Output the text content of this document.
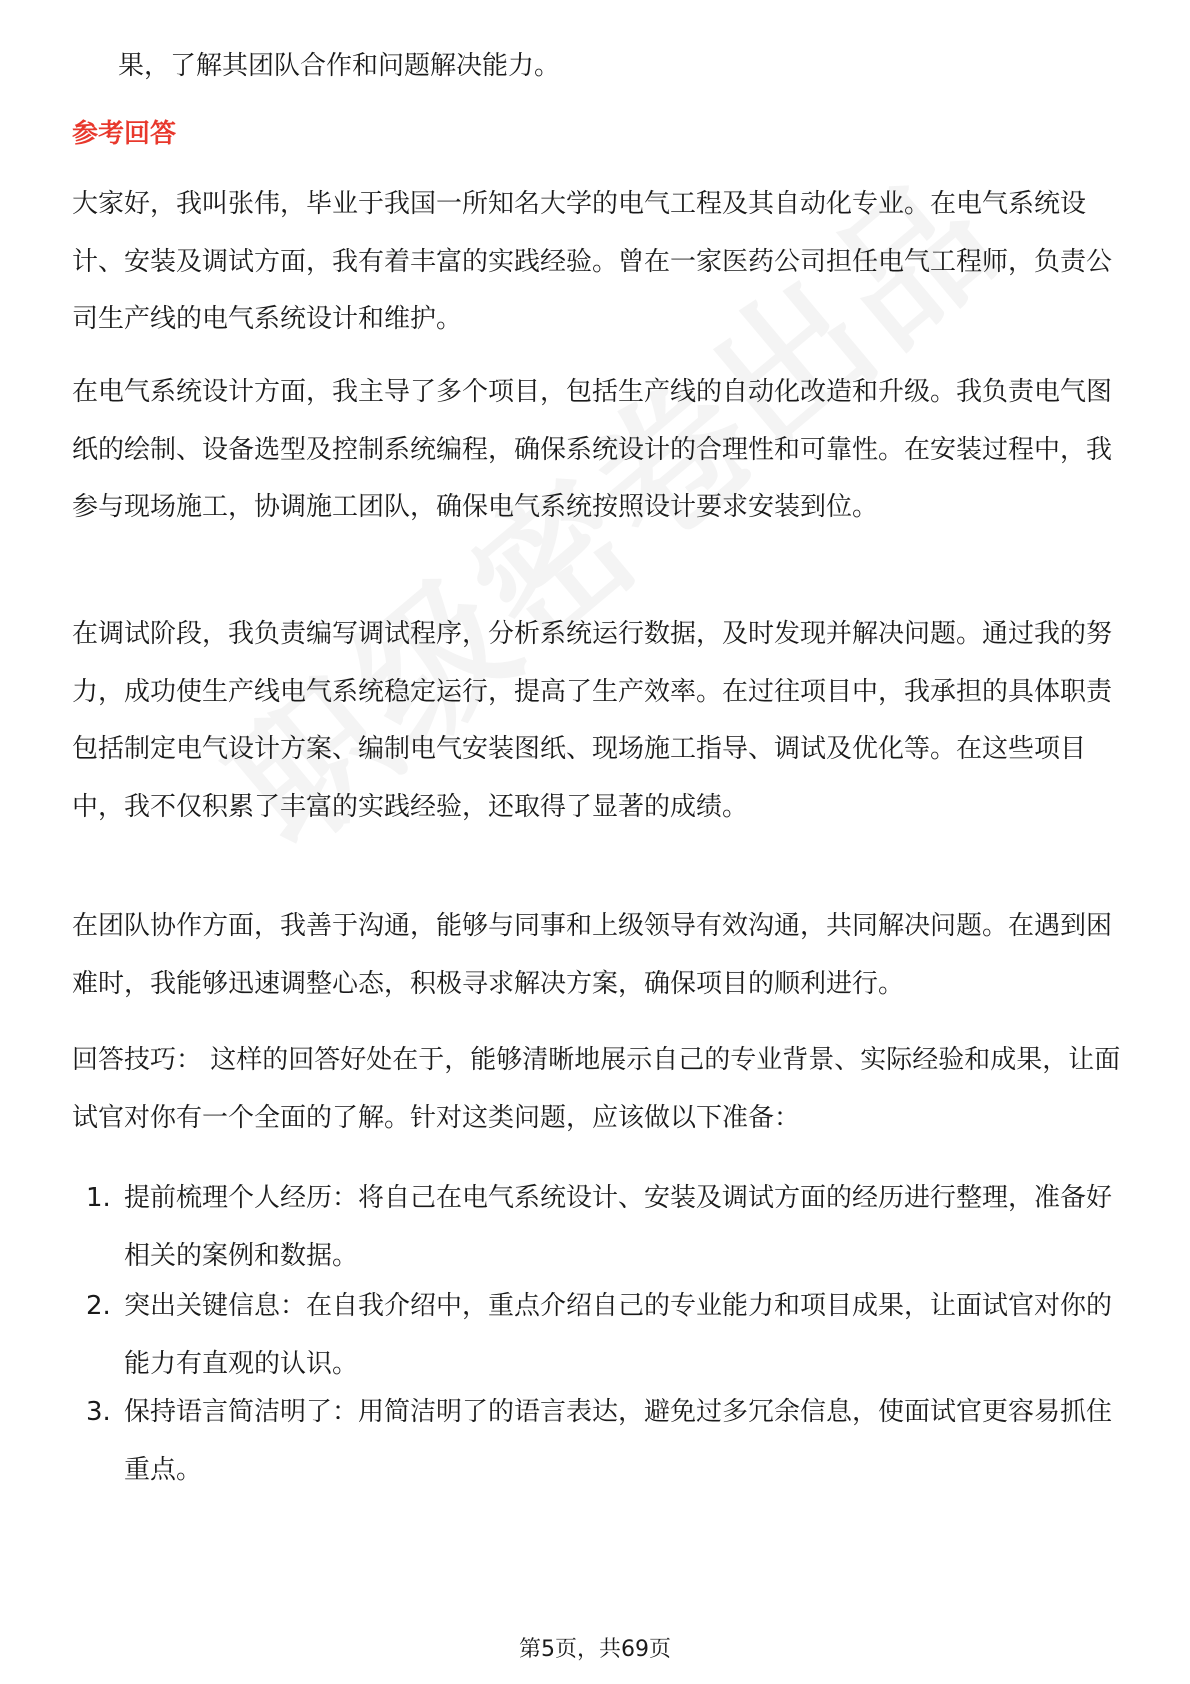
果，了解其团队合作和问题解决能力。

参考回答

大家好，我叫张伟，毕业于我国一所知名大学的电气工程及其自动化专业。在电气系统设计、安装及调试方面，我有着丰富的实践经验。曾在一家医药公司担任电气工程师，负责公司生产线的电气系统设计和维护。

在电气系统设计方面，我主导了多个项目，包括生产线的自动化改造和升级。我负责电气图纸的绘制、设备选型及控制系统编程，确保系统设计的合理性和可靠性。在安装过程中，我参与现场施工，协调施工团队，确保电气系统按照设计要求安装到位。

在调试阶段，我负责编写调试程序，分析系统运行数据，及时发现并解决问题。通过我的努力，成功使生产线电气系统稳定运行，提高了生产效率。在过往项目中，我承担的具体职责包括制定电气设计方案、编制电气安装图纸、现场施工指导、调试及优化等。在这些项目中，我不仅积累了丰富的实践经验，还取得了显著的成绩。

在团队协作方面，我善于沟通，能够与同事和上级领导有效沟通，共同解决问题。在遇到困难时，我能够迅速调整心态，积极寻求解决方案，确保项目的顺利进行。

回答技巧： 这样的回答好处在于，能够清晰地展示自己的专业背景、实际经验和成果，让面试官对你有一个全面的了解。针对这类问题，应该做以下准备：

1. 提前梳理个人经历：将自己在电气系统设计、安装及调试方面的经历进行整理，准备好相关的案例和数据。
2. 突出关键信息：在自我介绍中，重点介绍自己的专业能力和项目成果，让面试官对你的能力有直观的认识。
3. 保持语言简洁明了：用简洁明了的语言表达，避免过多冗余信息，使面试官更容易抓住重点。
第5页，共69页
